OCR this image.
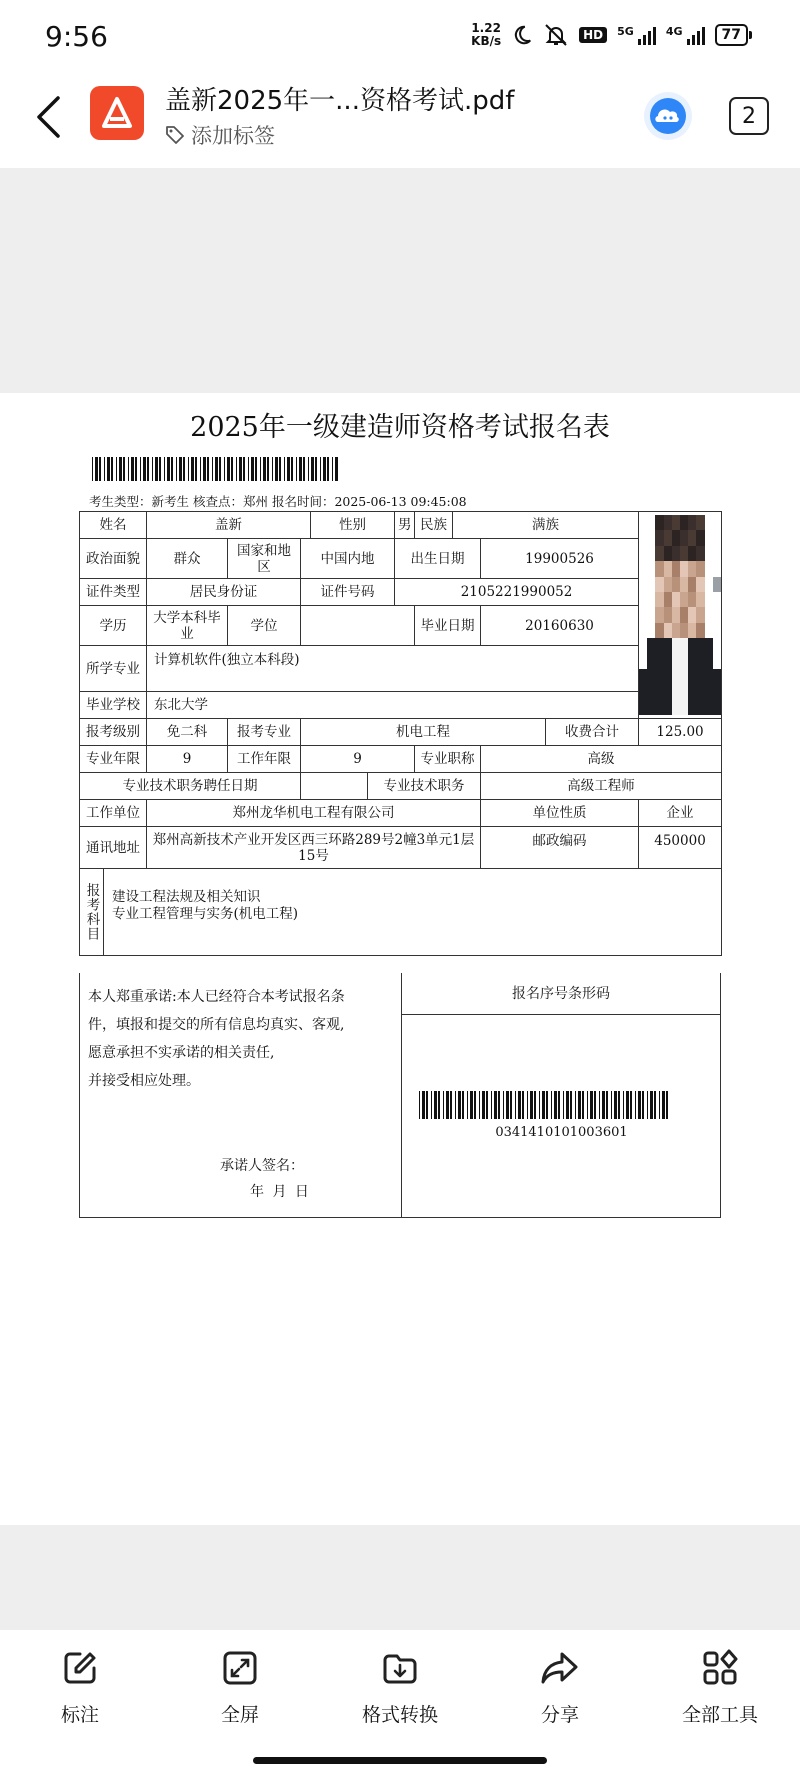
9:56	1.22
KB/s	HD	5G	4G	77
盖新2025年一...资格考试.pdf
添加标签
2
2025年一级建造师资格考试报名表
考生类型：新考生 核查点：郑州 报名时间：2025-06-13 09:45:08
姓名	盖新			性别		男	民族	满族			

政治面貌	群众	国家和地区	中国内地			出生日期			19900526		
证件类型	居民身份证		证件号码			2105221990052					
学历	大学本科毕业	学位					毕业日期		20160630		
所学专业	计算机软件(独立本科段)										
毕业学校	东北大学										
报考级别	免二科	报考专业	机电工程							收费合计	125.00
专业年限	9	工作年限	9				专业职称		高级		
专业技术职务聘任日期					专业技术职务				高级工程师		
工作单位	郑州龙华机电工程有限公司								单位性质		企业
通讯地址	郑州高新技术产业开发区西三环路289号2幢3单元1层15号								邮政编码		450000

报考科目 建设工程法规及相关知识
专业工程管理与实务(机电工程)											
本人郑重承诺:本人已经符合本考试报名条
件，填报和提交的所有信息均真实、客观,
愿意承担不实承诺的相关责任,
并接受相应处理。
承诺人签名：
年 月 日
报名序号条形码
0341410101003601
标注	全屏	格式转换	分享	全部工具
